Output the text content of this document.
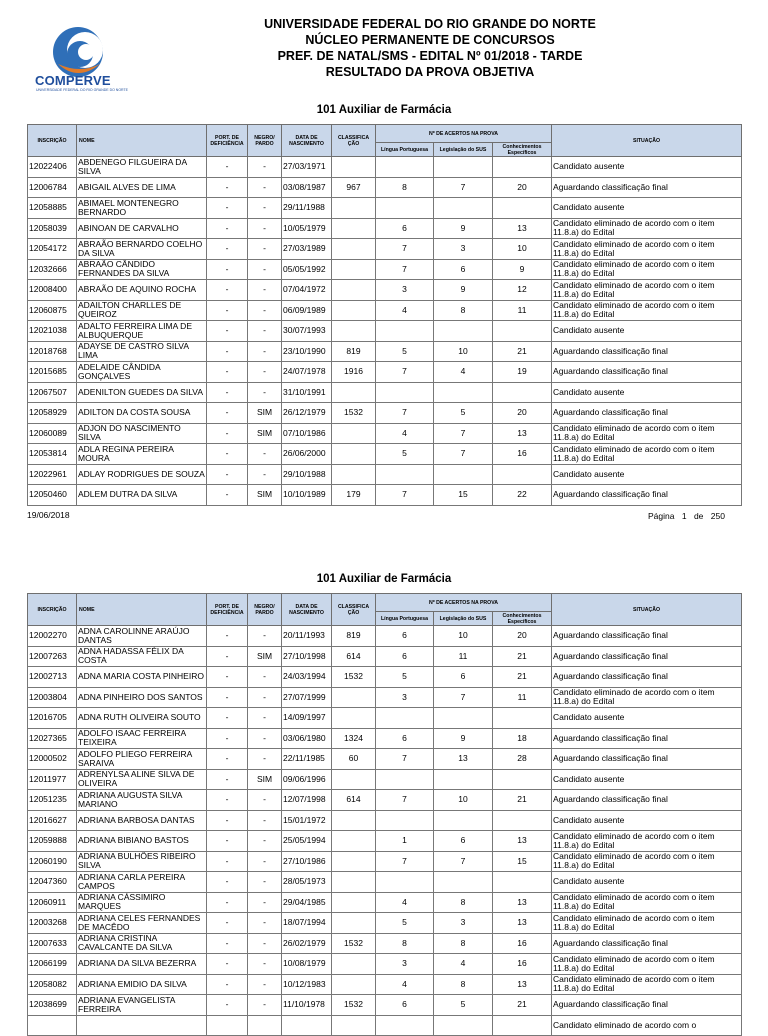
COMPERVE
UNIVERSIDADE FEDERAL DO RIO GRANDE DO NORTE
UNIVERSIDADE FEDERAL DO RIO GRANDE DO NORTE
NÚCLEO PERMANENTE DE CONCURSOS
PREF. DE NATAL/SMS - EDITAL Nº 01/2018 - TARDE
RESULTADO DA PROVA OBJETIVA
101 Auxiliar de Farmácia
INSCRIÇÃO	NOME	PORT. DE DEFICIÊNCIA	NEGRO/ PARDO	DATA DE NASCIMENTO	CLASSIFICA ÇÃO	Nº DE ACERTOS NA PROVA			SITUAÇÃO
						Língua Portuguesa	Legislação do SUS	Conhecimentos Específicos	
12022406	ABDENEGO FILGUEIRA DA SILVA	-	-	27/03/1971					Candidato ausente
12006784	ABIGAIL ALVES DE LIMA	-	-	03/08/1987	967	8	7	20	Aguardando classificação final
12058885	ABIMAEL MONTENEGRO BERNARDO	-	-	29/11/1988					Candidato ausente
12058039	ABINOAN DE CARVALHO	-	-	10/05/1979		6	9	13	Candidato eliminado de acordo com o item 11.8.a) do Edital
12054172	ABRAÃO BERNARDO COELHO DA SILVA	-	-	27/03/1989		7	3	10	Candidato eliminado de acordo com o item 11.8.a) do Edital
12032666	ABRAÃO CÂNDIDO FERNANDES DA SILVA	-	-	05/05/1992		7	6	9	Candidato eliminado de acordo com o item 11.8.a) do Edital
12008400	ABRAÃO DE AQUINO ROCHA	-	-	07/04/1972		3	9	12	Candidato eliminado de acordo com o item 11.8.a) do Edital
12060875	ADAILTON CHARLLES DE QUEIROZ	-	-	06/09/1989		4	8	11	Candidato eliminado de acordo com o item 11.8.a) do Edital
12021038	ADALTO FERREIRA LIMA DE ALBUQUERQUE	-	-	30/07/1993					Candidato ausente
12018768	ADAYSE DE CASTRO SILVA LIMA	-	-	23/10/1990	819	5	10	21	Aguardando classificação final
12015685	ADELAIDE CÂNDIDA GONÇALVES	-	-	24/07/1978	1916	7	4	19	Aguardando classificação final
12067507	ADENILTON GUEDES DA SILVA	-	-	31/10/1991					Candidato ausente
12058929	ADILTON DA COSTA SOUSA	-	SIM	26/12/1979	1532	7	5	20	Aguardando classificação final
12060089	ADJON DO NASCIMENTO SILVA	-	SIM	07/10/1986		4	7	13	Candidato eliminado de acordo com o item 11.8.a) do Edital
12053814	ADLA REGINA PEREIRA MOURA	-	-	26/06/2000		5	7	16	Candidato eliminado de acordo com o item 11.8.a) do Edital
12022961	ADLAY RODRIGUES DE SOUZA	-	-	29/10/1988					Candidato ausente
12050460	ADLEM DUTRA DA SILVA	-	SIM	10/10/1989	179	7	15	22	Aguardando classificação final
19/06/2018	Página 1 de 250
101 Auxiliar de Farmácia
INSCRIÇÃO	NOME	PORT. DE DEFICIÊNCIA	NEGRO/ PARDO	DATA DE NASCIMENTO	CLASSIFICA ÇÃO	Nº DE ACERTOS NA PROVA			SITUAÇÃO
						Língua Portuguesa	Legislação do SUS	Conhecimentos Específicos	
12002270	ADNA CAROLINNE ARAÚJO DANTAS	-	-	20/11/1993	819	6	10	20	Aguardando classificação final
12007263	ADNA HADASSA FÉLIX DA COSTA	-	SIM	27/10/1998	614	6	11	21	Aguardando classificação final
12002713	ADNA MARIA COSTA PINHEIRO	-	-	24/03/1994	1532	5	6	21	Aguardando classificação final
12003804	ADNA PINHEIRO DOS SANTOS	-	-	27/07/1999		3	7	11	Candidato eliminado de acordo com o item 11.8.a) do Edital
12016705	ADNA RUTH OLIVEIRA SOUTO	-	-	14/09/1997					Candidato ausente
12027365	ADOLFO ISAAC FERREIRA TEIXEIRA	-	-	03/06/1980	1324	6	9	18	Aguardando classificação final
12000502	ADOLFO PLIEGO FERREIRA SARAIVA	-	-	22/11/1985	60	7	13	28	Aguardando classificação final
12011977	ADRENYLSA ALINE SILVA DE OLIVEIRA	-	SIM	09/06/1996					Candidato ausente
12051235	ADRIANA AUGUSTA SILVA MARIANO	-	-	12/07/1998	614	7	10	21	Aguardando classificação final
12016627	ADRIANA BARBOSA DANTAS	-	-	15/01/1972					Candidato ausente
12059888	ADRIANA BIBIANO BASTOS	-	-	25/05/1994		1	6	13	Candidato eliminado de acordo com o item 11.8.a) do Edital
12060190	ADRIANA BULHÕES RIBEIRO SILVA	-	-	27/10/1986		7	7	15	Candidato eliminado de acordo com o item 11.8.a) do Edital
12047360	ADRIANA CARLA PEREIRA CAMPOS	-	-	28/05/1973					Candidato ausente
12060911	ADRIANA CÁSSIMIRO MARQUES	-	-	29/04/1985		4	8	13	Candidato eliminado de acordo com o item 11.8.a) do Edital
12003268	ADRIANA CELES FERNANDES DE MACÊDO	-	-	18/07/1994		5	3	13	Candidato eliminado de acordo com o item 11.8.a) do Edital
12007633	ADRIANA CRISTINA CAVALCANTE DA SILVA	-	-	26/02/1979	1532	8	8	16	Aguardando classificação final
12066199	ADRIANA DA SILVA BEZERRA	-	-	10/08/1979		3	4	16	Candidato eliminado de acordo com o item 11.8.a) do Edital
12058082	ADRIANA EMIDIO DA SILVA	-	-	10/12/1983		4	8	13	Candidato eliminado de acordo com o item 11.8.a) do Edital
12038699	ADRIANA EVANGELISTA FERREIRA	-	-	11/10/1978	1532	6	5	21	Aguardando classificação final
									Candidato eliminado de acordo com o
